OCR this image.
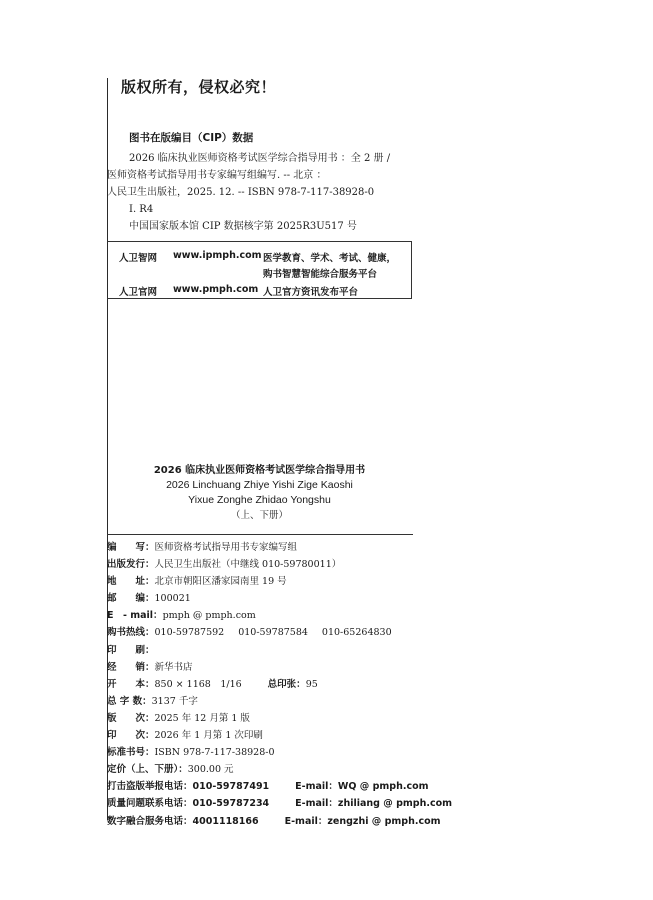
版权所有，侵权必究！
图书在版编目（CIP）数据
2026 临床执业医师资格考试医学综合指导用书 ：全 2 册 /
医师资格考试指导用书专家编写组编写. -- 北京 ：
人民卫生出版社，2025. 12. -- ISBN 978-7-117-38928-0
Ⅰ. R4
中国国家版本馆 CIP 数据核字第 2025R3U517 号
人卫智网 www.ipmph.com 医学教育、学术、考试、健康，
购书智慧智能综合服务平台
人卫官网 www.pmph.com 人卫官方资讯发布平台
2026 临床执业医师资格考试医学综合指导用书
2026 Linchuang Zhiye Yishi Zige Kaoshi
Yixue Zonghe Zhidao Yongshu
（上、下册）
编　　写：医师资格考试指导用书专家编写组
出版发行：人民卫生出版社（中继线 010-59780011）
地　　址：北京市朝阳区潘家园南里 19 号
邮　　编：100021
E　- mail：pmph @ pmph.com
购书热线：010-59787592 010-59787584 010-65264830
印　　刷：
经　　销：新华书店
开　　本：850 × 1168　1/16	总印张：95
总 字 数：3137 千字
版　　次：2025 年 12 月第 1 版
印　　次：2026 年 1 月第 1 次印刷
标准书号：ISBN 978-7-117-38928-0
定价（上、下册）：300.00 元
打击盗版举报电话：010-59787491	E-mail：WQ @ pmph.com
质量问题联系电话：010-59787234	E-mail：zhiliang @ pmph.com
数字融合服务电话：4001118166	E-mail：zengzhi @ pmph.com
